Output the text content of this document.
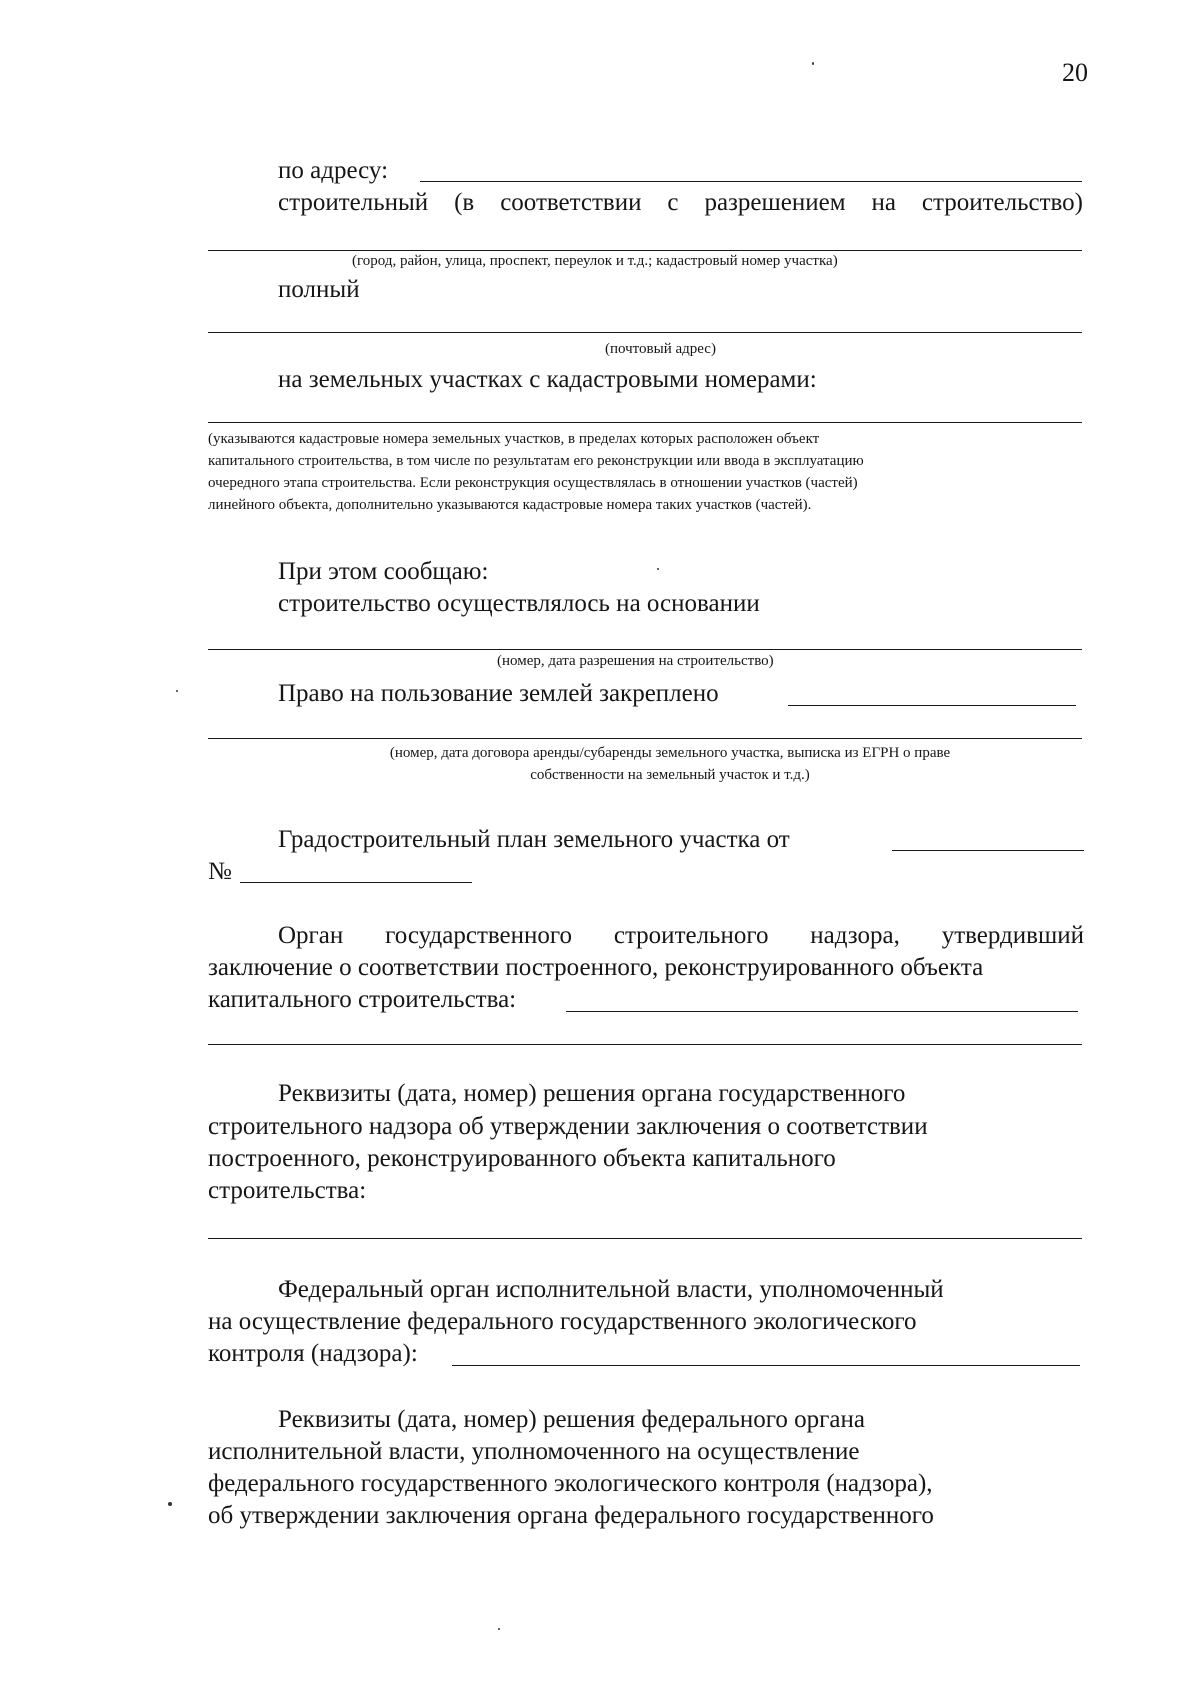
20
по адресу:
строительный (в соответствии с разрешением на строительство)
(город, район, улица, проспект, переулок и т.д.; кадастровый номер участка)
полный
(почтовый адрес)
на земельных участках с кадастровыми номерами:
(указываются кадастровые номера земельных участков, в пределах которых расположен объект
капитального строительства, в том числе по результатам его реконструкции или ввода в эксплуатацию
очередного этапа строительства. Если реконструкция осуществлялась в отношении участков (частей)
линейного объекта, дополнительно указываются кадастровые номера таких участков (частей).
При этом сообщаю:
строительство осуществлялось на основании
(номер, дата разрешения на строительство)
Право на пользование землей закреплено
(номер, дата договора аренды/субаренды земельного участка, выписка из ЕГРН о праве
собственности на земельный участок и т.д.)
Градостроительный план земельного участка от
№
Орган государственного строительного надзора, утвердивший
заключение о соответствии построенного, реконструированного объекта
капитального строительства:
Реквизиты (дата, номер) решения органа государственного
строительного надзора об утверждении заключения о соответствии
построенного, реконструированного объекта капитального
строительства:
Федеральный орган исполнительной власти, уполномоченный
на осуществление федерального государственного экологического
контроля (надзора):
Реквизиты (дата, номер) решения федерального органа
исполнительной власти, уполномоченного на осуществление
федерального государственного экологического контроля (надзора),
об утверждении заключения органа федерального государственного
